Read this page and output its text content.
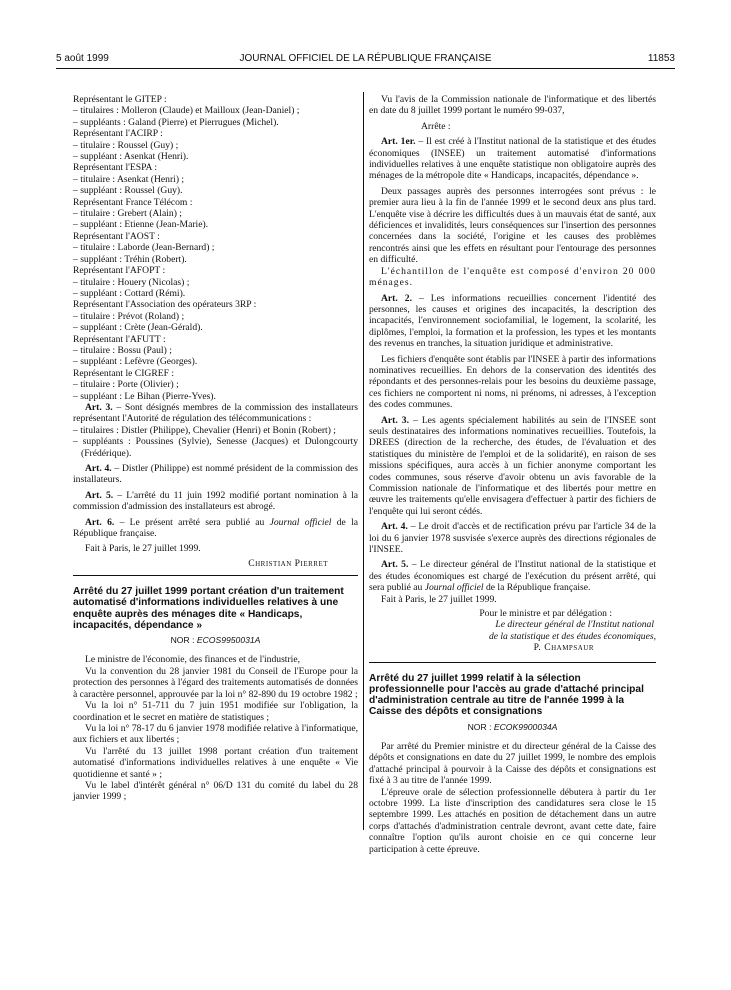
5 août 1999	JOURNAL OFFICIEL DE LA RÉPUBLIQUE FRANÇAISE	11853

Représentant le GITEP :

– titulaires : Molleron (Claude) et Mailloux (Jean-Daniel) ;

– suppléants : Galand (Pierre) et Pierrugues (Michel).

Représentant l'ACIRP :

– titulaire : Roussel (Guy) ;

– suppléant : Asenkat (Henri).

Représentant l'ESPA :

– titulaire : Asenkat (Henri) ;

– suppléant : Roussel (Guy).

Représentant France Télécom :

– titulaire : Grebert (Alain) ;

– suppléant : Etienne (Jean-Marie).

Représentant l'AOST :

– titulaire : Laborde (Jean-Bernard) ;

– suppléant : Tréhin (Robert).

Représentant l'AFOPT :

– titulaire : Houery (Nicolas) ;

– suppléant : Cottard (Rémi).

Représentant l'Association des opérateurs 3RP :

– titulaire : Prévot (Roland) ;

– suppléant : Crète (Jean-Gérald).

Représentant l'AFUTT :

– titulaire : Bossu (Paul) ;

– suppléant : Lefèvre (Georges).

Représentant le CIGREF :

– titulaire : Porte (Olivier) ;

– suppléant : Le Bihan (Pierre-Yves).

Art. 3. – Sont désignés membres de la commission des installateurs représentant l'Autorité de régulation des télécommunications :

– titulaires : Distler (Philippe), Chevalier (Henri) et Bonin (Robert) ;

– suppléants : Poussines (Sylvie), Senesse (Jacques) et Dulongcourty (Frédérique).

Art. 4. – Distler (Philippe) est nommé président de la commission des installateurs.

Art. 5. – L'arrêté du 11 juin 1992 modifié portant nomination à la commission d'admission des installateurs est abrogé.

Art. 6. – Le présent arrêté sera publié au Journal officiel de la République française.

Fait à Paris, le 27 juillet 1999.

Christian Pierret

Arrêté du 27 juillet 1999 portant création d'un traitement automatisé d'informations individuelles relatives à une enquête auprès des ménages dite « Handicaps, incapacités, dépendance »

NOR : ECOS9950031A

Le ministre de l'économie, des finances et de l'industrie,

Vu la convention du 28 janvier 1981 du Conseil de l'Europe pour la protection des personnes à l'égard des traitements automatisés de données à caractère personnel, approuvée par la loi n° 82-890 du 19 octobre 1982 ;

Vu la loi n° 51-711 du 7 juin 1951 modifiée sur l'obligation, la coordination et le secret en matière de statistiques ;

Vu la loi n° 78-17 du 6 janvier 1978 modifiée relative à l'informatique, aux fichiers et aux libertés ;

Vu l'arrêté du 13 juillet 1998 portant création d'un traitement automatisé d'informations individuelles relatives à une enquête « Vie quotidienne et santé » ;

Vu le label d'intérêt général n° 06/D 131 du comité du label du 28 janvier 1999 ;

Vu l'avis de la Commission nationale de l'informatique et des libertés en date du 8 juillet 1999 portant le numéro 99-037,

Arrête :

Art. 1er. – Il est créé à l'Institut national de la statistique et des études économiques (INSEE) un traitement automatisé d'informations individuelles relatives à une enquête statistique non obligatoire auprès des ménages de la métropole dite « Handicaps, incapacités, dépendance ».

Deux passages auprès des personnes interrogées sont prévus : le premier aura lieu à la fin de l'année 1999 et le second deux ans plus tard. L'enquête vise à décrire les difficultés dues à un mauvais état de santé, aux déficiences et invalidités, leurs conséquences sur l'insertion des personnes concernées dans la société, l'origine et les causes des problèmes rencontrés ainsi que les effets en résultant pour l'entourage des personnes en difficulté.

L'échantillon de l'enquête est composé d'environ 20 000 ménages.

Art. 2. – Les informations recueillies concernent l'identité des personnes, les causes et origines des incapacités, la description des incapacités, l'environnement sociofamilial, le logement, la scolarité, les diplômes, l'emploi, la formation et la profession, les types et les montants des revenus en tranches, la situation juridique et administrative.

Les fichiers d'enquête sont établis par l'INSEE à partir des informations nominatives recueillies. En dehors de la conservation des identités des répondants et des personnes-relais pour les besoins du deuxième passage, ces fichiers ne comportent ni noms, ni prénoms, ni adresses, à l'exception des codes communes.

Art. 3. – Les agents spécialement habilités au sein de l'INSEE sont seuls destinataires des informations nominatives recueillies. Toutefois, la DREES (direction de la recherche, des études, de l'évaluation et des statistiques du ministère de l'emploi et de la solidarité), en raison de ses missions spécifiques, aura accès à un fichier anonyme comportant les codes communes, sous réserve d'avoir obtenu un avis favorable de la Commission nationale de l'informatique et des libertés pour mettre en œuvre les traitements qu'elle envisagera d'effectuer à partir des fichiers de l'enquête qui lui seront cédés.

Art. 4. – Le droit d'accès et de rectification prévu par l'article 34 de la loi du 6 janvier 1978 susvisée s'exerce auprès des directions régionales de l'INSEE.

Art. 5. – Le directeur général de l'Institut national de la statistique et des études économiques est chargé de l'exécution du présent arrêté, qui sera publié au Journal officiel de la République française.

Fait à Paris, le 27 juillet 1999.

Pour le ministre et par délégation :

Le directeur général de l'Institut national

de la statistique et des études économiques,

P. Champsaur

Arrêté du 27 juillet 1999 relatif à la sélection professionnelle pour l'accès au grade d'attaché principal d'administration centrale au titre de l'année 1999 à la Caisse des dépôts et consignations

NOR : ECOK9900034A

Par arrêté du Premier ministre et du directeur général de la Caisse des dépôts et consignations en date du 27 juillet 1999, le nombre des emplois d'attaché principal à pourvoir à la Caisse des dépôts et consignations est fixé à 3 au titre de l'année 1999.

L'épreuve orale de sélection professionnelle débutera à partir du 1er octobre 1999. La liste d'inscription des candidatures sera close le 15 septembre 1999. Les attachés en position de détachement dans un autre corps d'attachés d'administration centrale devront, avant cette date, faire connaître l'option qu'ils auront choisie en ce qui concerne leur participation à cette épreuve.
